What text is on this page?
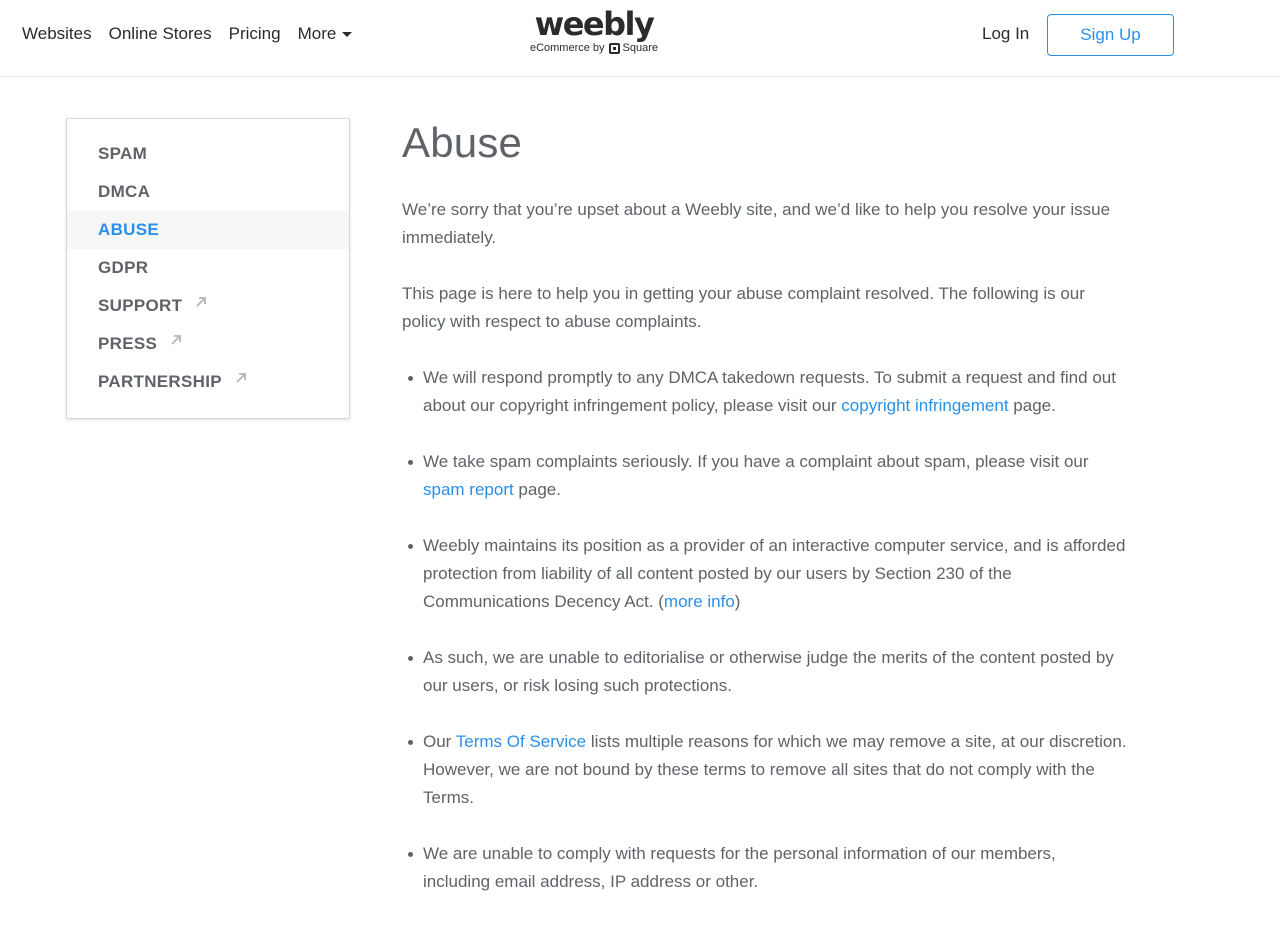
Websites Online Stores Pricing More	weebly
eCommerce by Square
Log In	Sign Up
SPAM
DMCA
ABUSE
GDPR
SUPPORT
PRESS
PARTNERSHIP
Abuse

We’re sorry that you’re upset about a Weebly site, and we’d like to help you resolve your issue immediately.

This page is here to help you in getting your abuse complaint resolved. The following is our policy with respect to abuse complaints.

We will respond promptly to any DMCA takedown requests. To submit a request and find out about our copyright infringement policy, please visit our copyright infringement page.
We take spam complaints seriously. If you have a complaint about spam, please visit our spam report page.
Weebly maintains its position as a provider of an interactive computer service, and is afforded protection from liability of all content posted by our users by Section 230 of the Communications Decency Act. (more info)
As such, we are unable to editorialise or otherwise judge the merits of the content posted by our users, or risk losing such protections.
Our Terms Of Service lists multiple reasons for which we may remove a site, at our discretion. However, we are not bound by these terms to remove all sites that do not comply with the Terms.
We are unable to comply with requests for the personal information of our members, including email address, IP address or other.
